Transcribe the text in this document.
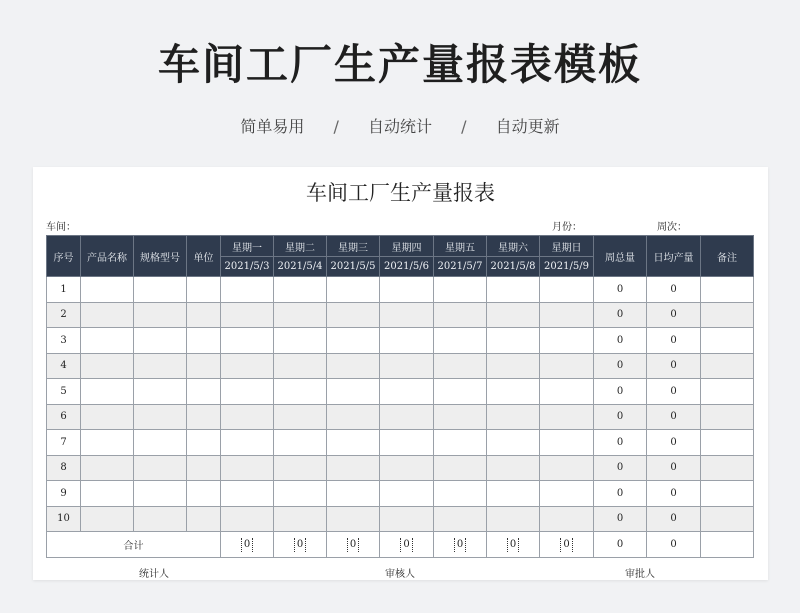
车间工厂生产量报表模板
简单易用 / 自动统计 / 自动更新
车间工厂生产量报表
车间：	月份：	周次：
序号	产品名称	规格型号	单位	星期一	星期二	星期三	星期四	星期五	星期六	星期日	周总量	日均产量	备注
				2021/5/3	2021/5/4	2021/5/5	2021/5/6	2021/5/7	2021/5/8	2021/5/9			
1											0	0	
2											0	0	
3											0	0	
4											0	0	
5											0	0	
6											0	0	
7											0	0	
8											0	0	
9											0	0	
10											0	0	
合计				0	0	0	0	0	0	0	0	0	
统计人	审核人	审批人
